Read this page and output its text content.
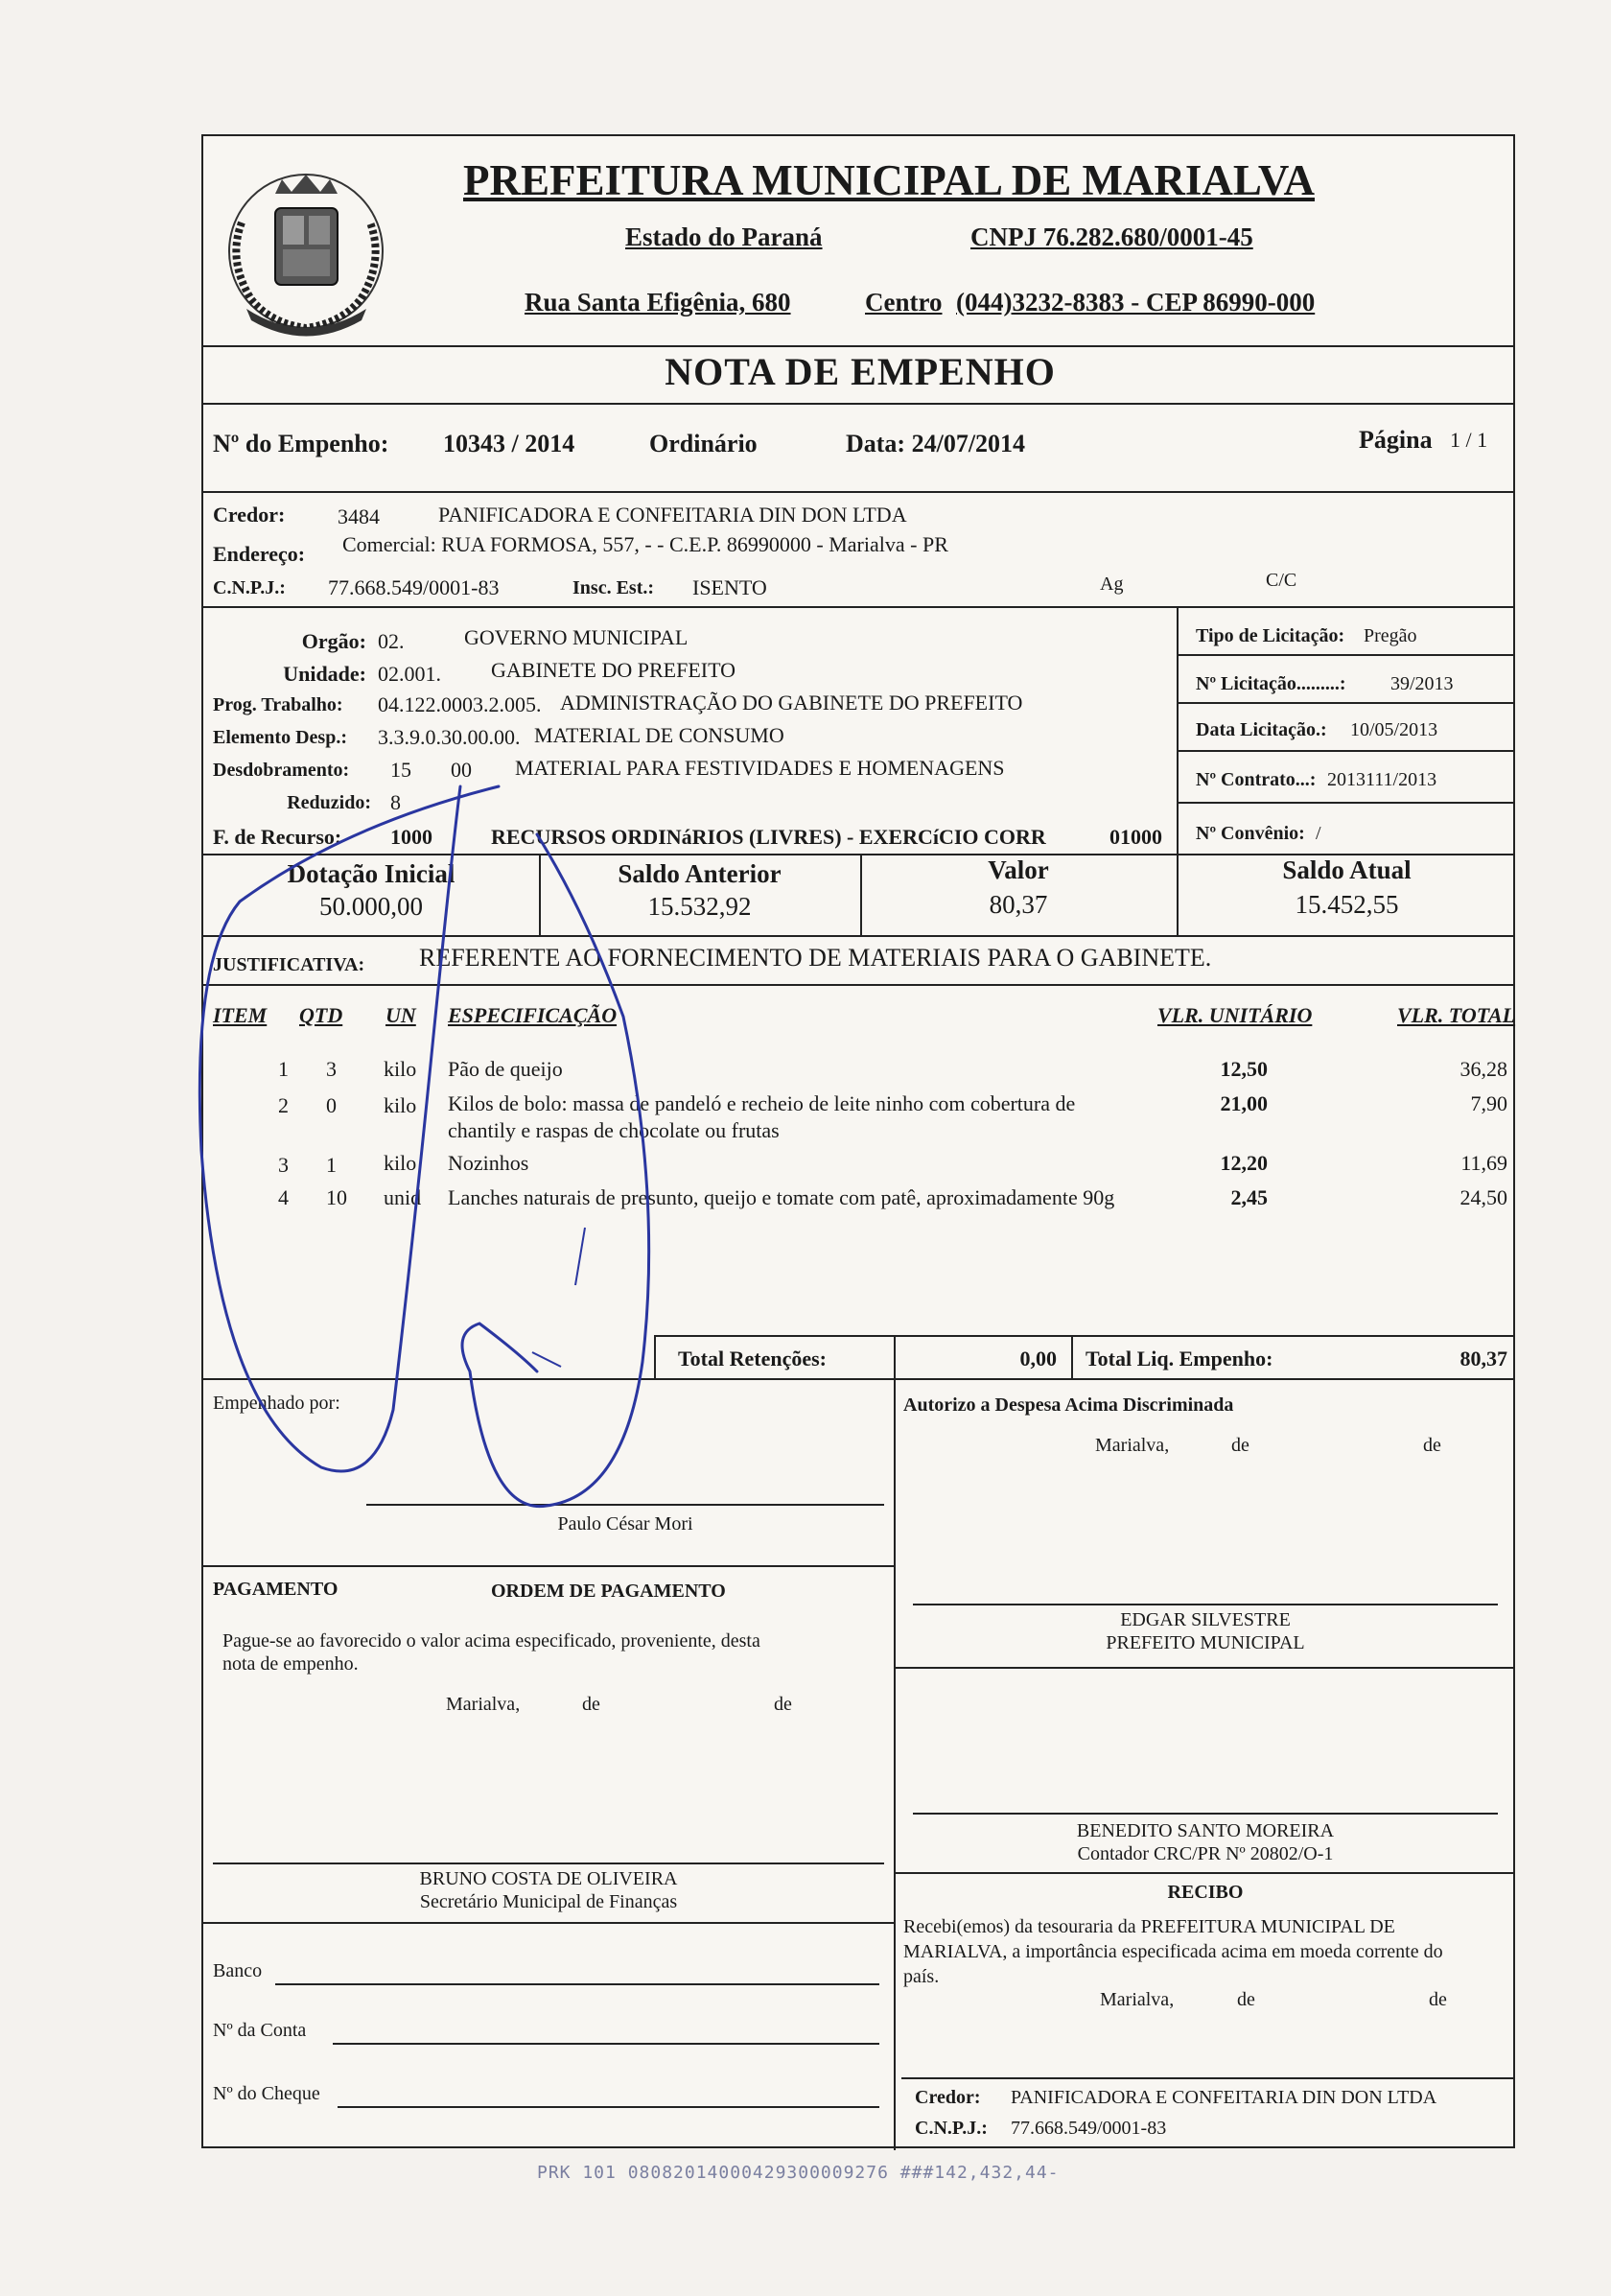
PREFEITURA MUNICIPAL DE MARIALVA
Estado do Paraná	CNPJ 76.282.680/0001-45
Rua Santa Efigênia, 680	Centro (044)3232-8383 - CEP 86990-000
NOTA DE EMPENHO
Nº do Empenho: 10343 / 2014	Ordinário	Data: 24/07/2014	Página 1 / 1
Credor: 3484	PANIFICADORA E CONFEITARIA DIN DON LTDA
Endereço: Comercial: RUA FORMOSA, 557, - - C.E.P. 86990000 - Marialva - PR
C.N.P.J.: 77.668.549/0001-83	Insc. Est.: ISENTO	Ag	C/C
Orgão: 02.	GOVERNO MUNICIPAL
Unidade: 02.001. GABINETE DO PREFEITO
Prog. Trabalho: 04.122.0003.2.005. ADMINISTRAÇÃO DO GABINETE DO PREFEITO
Elemento Desp.: 3.3.9.0.30.00.00. MATERIAL DE CONSUMO
Desdobramento: 15 00 MATERIAL PARA FESTIVIDADES E HOMENAGENS
Reduzido: 8
F. de Recurso: 1000	RECURSOS ORDINáRIOS (LIVRES) - EXERCíCIO CORR	01000
Tipo de Licitação: Pregão
Nº Licitação.........: 39/2013
Data Licitação.: 10/05/2013
Nº Contrato...: 2013111/2013
Nº Convênio: /
Dotação Inicial
50.000,00
Saldo Anterior
15.532,92
Valor
80,37
Saldo Atual
15.452,55
JUSTIFICATIVA: REFERENTE AO FORNECIMENTO DE MATERIAIS PARA O GABINETE.
ITEM QTD UN ESPECIFICAÇÃO	VLR. UNITÁRIO	VLR. TOTAL
1 3 kilo Pão de queijo	12,50	36,28
2 0 kilo Kilos de bolo: massa de pandeló e recheio de leite ninho com cobertura de
chantily e raspas de chocolate ou frutas
21,00	7,90
3 1 kilo Nozinhos	12,20	11,69
4 10 unid Lanches naturais de presunto, queijo e tomate com patê, aproximadamente 90g	2,45	24,50
Total Retenções:	0,00 Total Liq. Empenho:	80,37
Empenhado por:
Paulo César Mori
Autorizo a Despesa Acima Discriminada
Marialva,	de	de
EDGAR SILVESTRE
PREFEITO MUNICIPAL
PAGAMENTO	ORDEM DE PAGAMENTO
Pague-se ao favorecido o valor acima especificado, proveniente, desta
nota de empenho.
Marialva,	de	de
BENEDITO SANTO MOREIRA
Contador CRC/PR Nº 20802/O-1
BRUNO COSTA DE OLIVEIRA
Secretário Municipal de Finanças	RECIBO
Recebi(emos) da tesouraria da PREFEITURA MUNICIPAL DE
MARIALVA, a importância especificada acima em moeda corrente do
país.
Marialva,	de	de
Banco
Nº da Conta
Nº do Cheque	Credor: PANIFICADORA E CONFEITARIA DIN DON LTDA
C.N.P.J.: 77.668.549/0001-83
PRK 101 08082014000429300009276 ###142,432,44-
